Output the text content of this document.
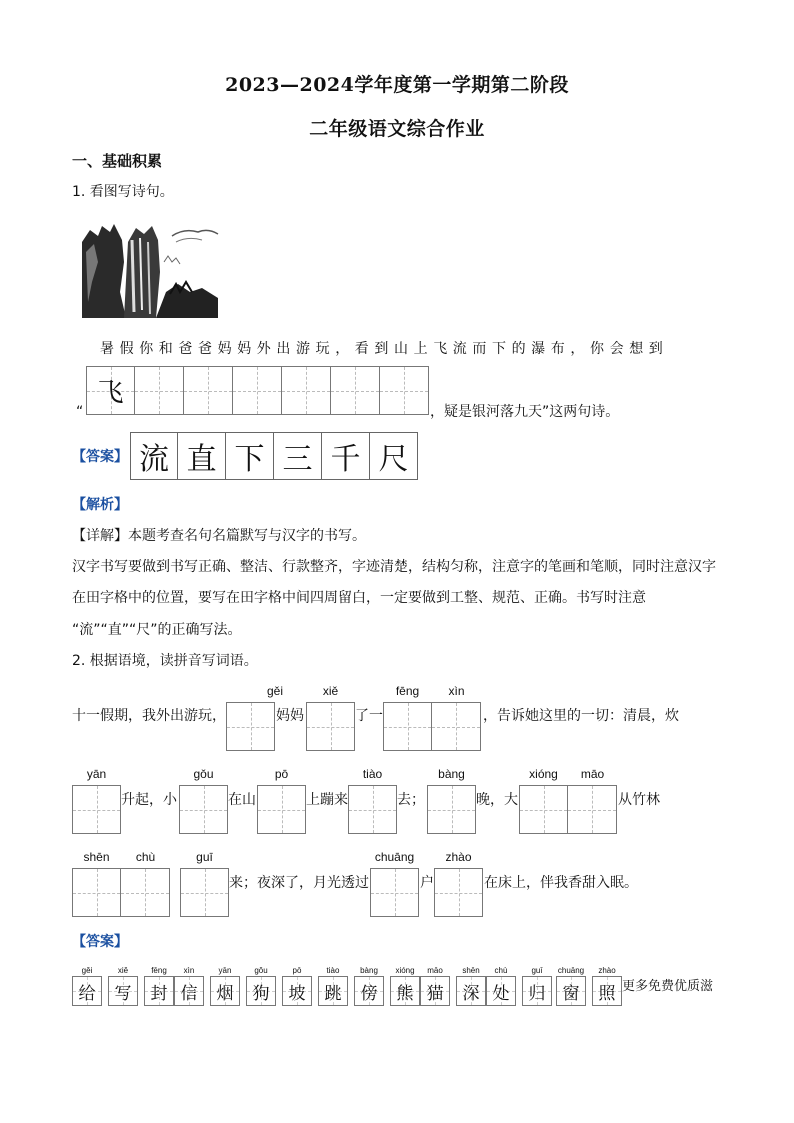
2023—2024学年度第一学期第二阶段
二年级语文综合作业
一、基础积累
1. 看图写诗句。
暑假你和爸爸妈妈外出游玩，看到山上飞流而下的瀑布，你会想到
“
飞
，疑是银河落九天”这两句诗。
【答案】 流 直 下 三 千 尺
【解析】
【详解】本题考查名句名篇默写与汉字的书写。
汉字书写要做到书写正确、整洁、行款整齐，字迹清楚，结构匀称，注意字的笔画和笔顺，同时注意汉字
在田字格中的位置，要写在田字格中间四周留白，一定要做到工整、规范、正确。书写时注意
“流”“直”“尺”的正确写法。
2. 根据语境，读拼音写词语。
十一假期，我外出游玩，
gěi
妈妈
xiě
了一
fēng	xìn
，告诉她这里的一切：清晨，炊
yān
升起，小
gǒu
在山
pō
上蹦来
tiào
去；
bàng
晚，大
xióng	māo
从竹林
shēn	chù	guī
来；夜深了，月光透过
chuāng
户
zhào
在床上，伴我香甜入眠。
【答案】
gěi
给
xiě
写
fēng
封
xìn
信
yān
烟
gǒu
狗
pō
坡
tiào
跳
bàng
傍
xióng
熊
māo
猫
shēn
深
chù
处
guī
归
chuāng
窗
zhào
照 更多免费优质滋
